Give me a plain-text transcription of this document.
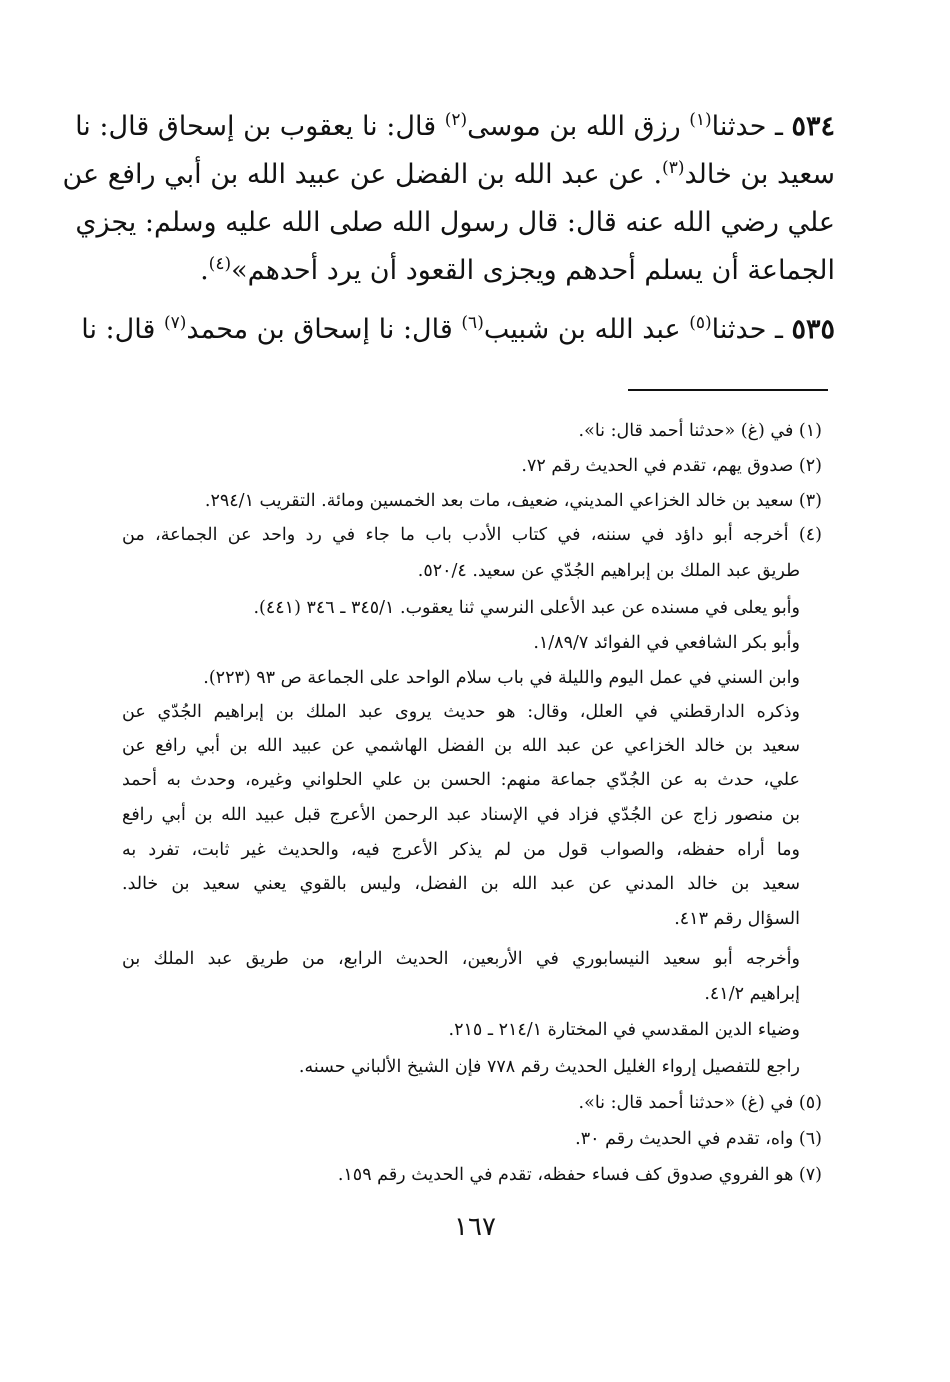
٥٣٤ ـ حدثنا$^{(١)}$ رزق الله بن موسى$^{(٢)}$ قال: نا يعقوب بن إسحاق قال: نا
سعيد بن خالد$^{(٣)}$. عن عبد الله بن الفضل عن عبيد الله بن أبي رافع عن
علي رضي الله عنه قال: قال رسول الله صلى الله عليه وسلم: يجزي
الجماعة أن يسلم أحدهم ويجزى القعود أن يرد أحدهم»$^{(٤)}$.
٥٣٥ ـ حدثنا$^{(٥)}$ عبد الله بن شبيب$^{(٦)}$ قال: نا إسحاق بن محمد$^{(٧)}$ قال: نا
(١) في (غ) «حدثنا أحمد قال: نا».
(٢) صدوق يهم، تقدم في الحديث رقم ٧٢.
(٣) سعيد بن خالد الخزاعي المديني، ضعيف، مات بعد الخمسين ومائة. التقريب ٢٩٤/١.
(٤) أخرجه أبو داؤد في سننه، في كتاب الأدب باب ما جاء في رد واحد عن الجماعة، من
طريق عبد الملك بن إبراهيم الجُدّي عن سعيد. ٥٢٠/٤.
وأبو يعلى في مسنده عن عبد الأعلى النرسي ثنا يعقوب. ٣٤٥/١ ـ ٣٤٦ (٤٤١).
وأبو بكر الشافعي في الفوائد ١/٨٩/٧.
وابن السني في عمل اليوم والليلة في باب سلام الواحد على الجماعة ص ٩٣ (٢٢٣).
وذكره الدارقطني في العلل، وقال: هو حديث يروى عبد الملك بن إبراهيم الجُدّي عن
سعيد بن خالد الخزاعي عن عبد الله بن الفضل الهاشمي عن عبيد الله بن أبي رافع عن
علي، حدث به عن الجُدّي جماعة منهم: الحسن بن علي الحلواني وغيره، وحدث به أحمد
بن منصور زاج عن الجُدّي فزاد في الإسناد عبد الرحمن الأعرج قبل عبيد الله بن أبي رافع
وما أراه حفظه، والصواب قول من لم يذكر الأعرج فيه، والحديث غير ثابت، تفرد به
سعيد بن خالد المدني عن عبد الله بن الفضل، وليس بالقوي يعني سعيد بن خالد.
السؤال رقم ٤١٣.
وأخرجه أبو سعيد النيسابوري في الأربعين، الحديث الرابع، من طريق عبد الملك بن
إبراهيم ٤١/٢.
وضياء الدين المقدسي في المختارة ٢١٤/١ ـ ٢١٥.
راجع للتفصيل إرواء الغليل الحديث رقم ٧٧٨ فإن الشيخ الألباني حسنه.
(٥) في (غ) «حدثنا أحمد قال: نا».
(٦) واه، تقدم في الحديث رقم ٣٠.
(٧) هو الفروي صدوق كف فساء حفظه، تقدم في الحديث رقم ١٥٩.
١٦٧
